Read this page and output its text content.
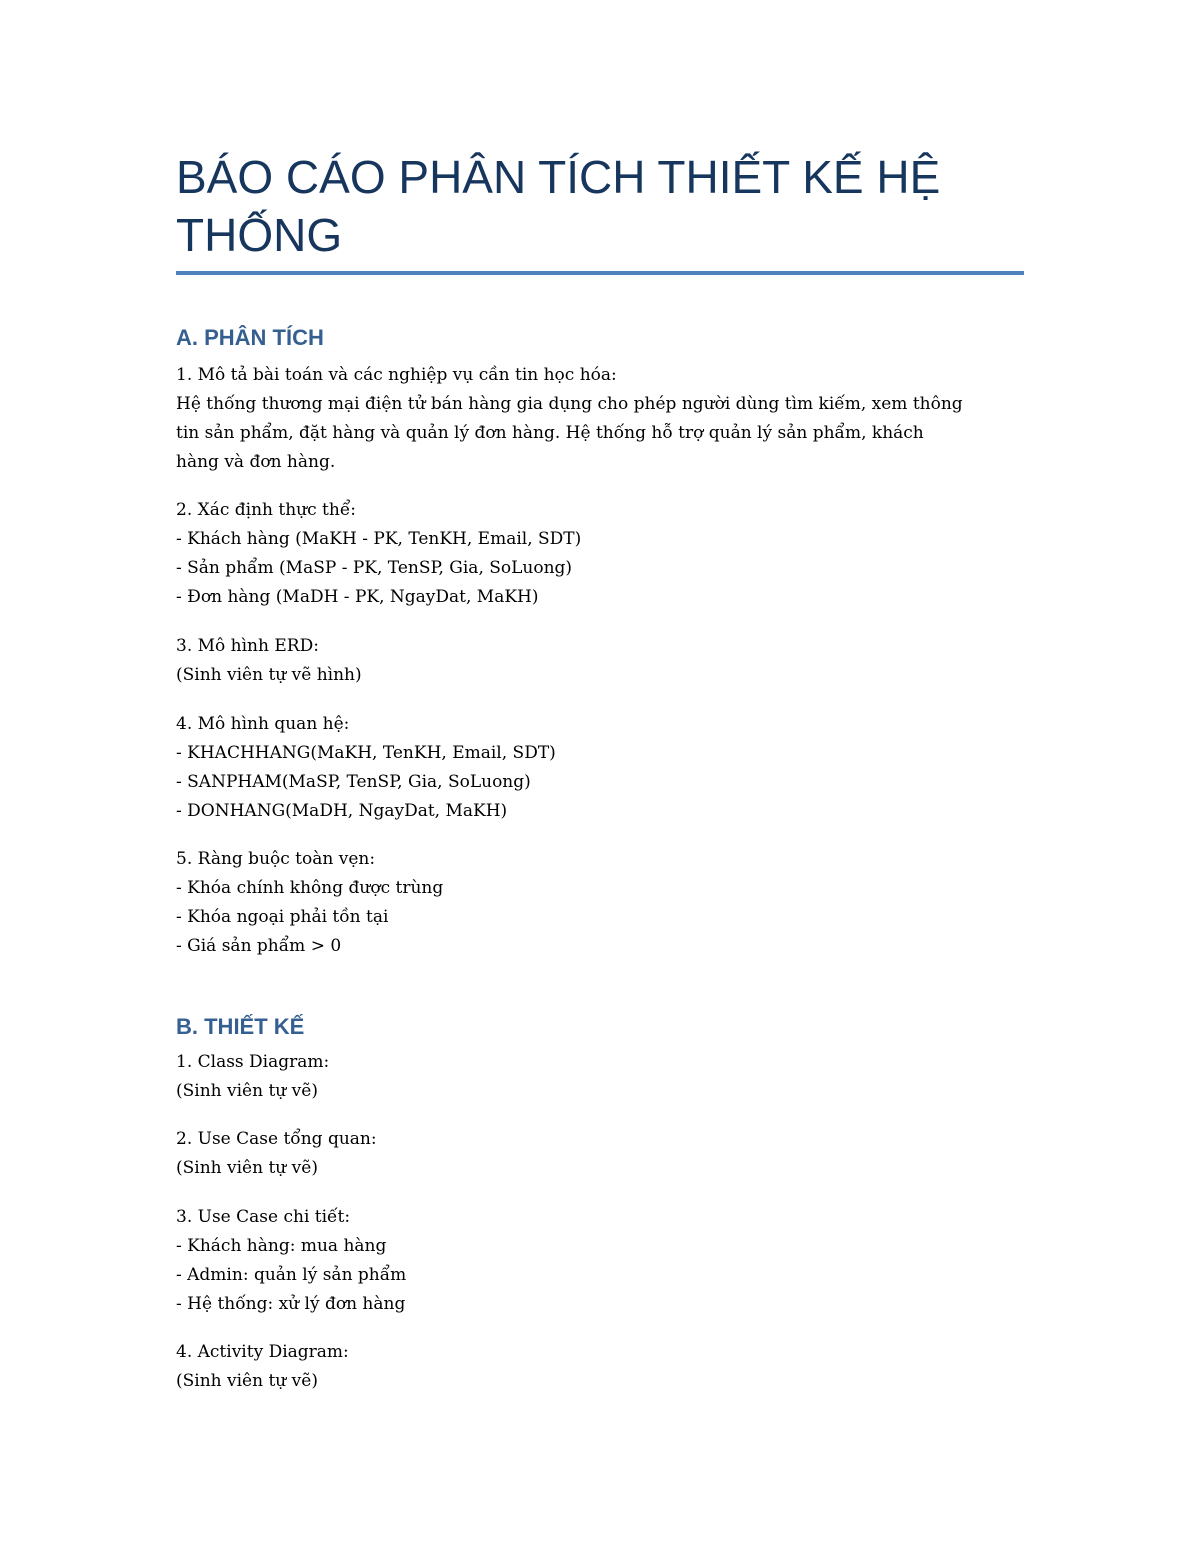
BÁO CÁO PHÂN TÍCH THIẾT KẾ HỆ
THỐNG
A. PHÂN TÍCH
1. Mô tả bài toán và các nghiệp vụ cần tin học hóa:
Hệ thống thương mại điện tử bán hàng gia dụng cho phép người dùng tìm kiếm, xem thông
tin sản phẩm, đặt hàng và quản lý đơn hàng. Hệ thống hỗ trợ quản lý sản phẩm, khách
hàng và đơn hàng.
2. Xác định thực thể:
- Khách hàng (MaKH - PK, TenKH, Email, SDT)
- Sản phẩm (MaSP - PK, TenSP, Gia, SoLuong)
- Đơn hàng (MaDH - PK, NgayDat, MaKH)
3. Mô hình ERD:
(Sinh viên tự vẽ hình)
4. Mô hình quan hệ:
- KHACHHANG(MaKH, TenKH, Email, SDT)
- SANPHAM(MaSP, TenSP, Gia, SoLuong)
- DONHANG(MaDH, NgayDat, MaKH)
5. Ràng buộc toàn vẹn:
- Khóa chính không được trùng
- Khóa ngoại phải tồn tại
- Giá sản phẩm > 0
B. THIẾT KẾ
1. Class Diagram:
(Sinh viên tự vẽ)
2. Use Case tổng quan:
(Sinh viên tự vẽ)
3. Use Case chi tiết:
- Khách hàng: mua hàng
- Admin: quản lý sản phẩm
- Hệ thống: xử lý đơn hàng
4. Activity Diagram:
(Sinh viên tự vẽ)
